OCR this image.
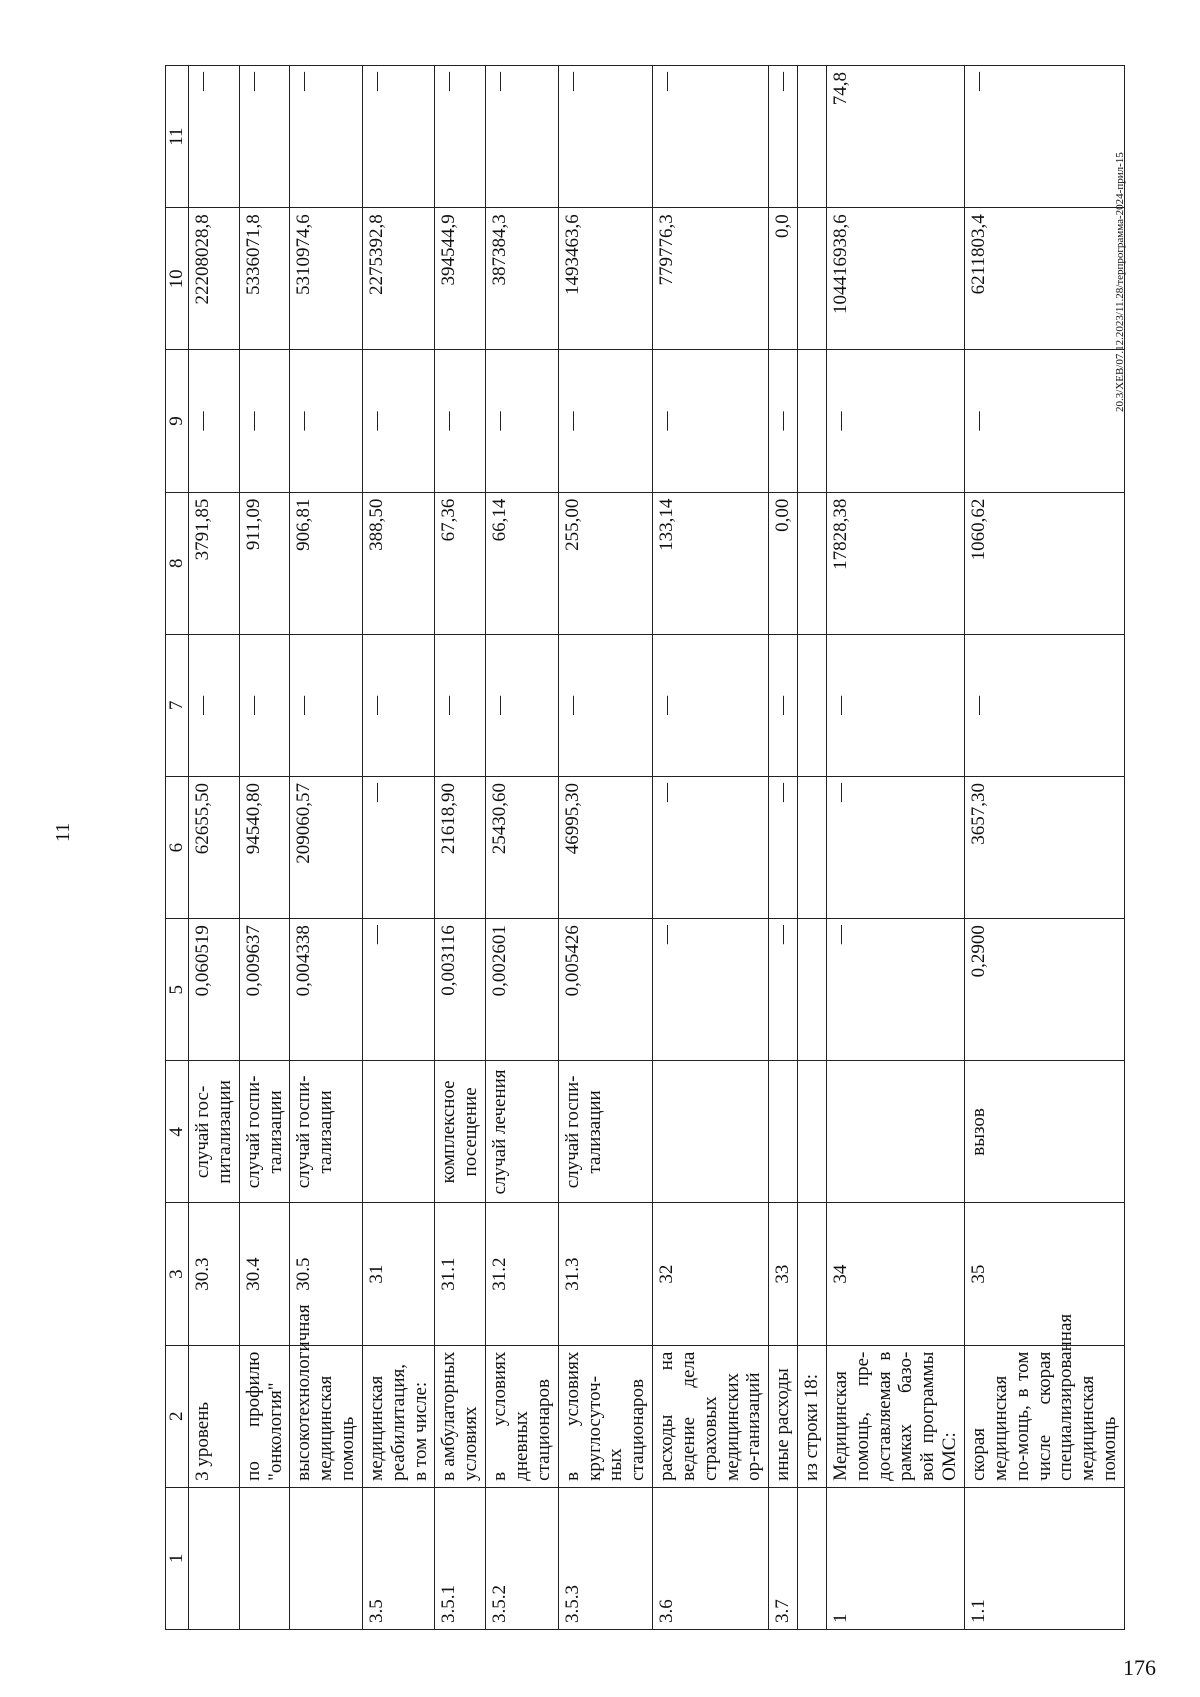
11
20.3/XEB/07.12.2023/11.28/терпрограмма-2024-прил-15
176
1	2	3	4	5	6	7	8	9	10	11
	3 уровень	30.3	случай гос-питализации	0,060519	62655,50	—	3791,85	—	22208028,8	—
	по профилю "онкология"	30.4	случай госпи-тализации	0,009637	94540,80	—	911,09	—	5336071,8	—
	высокотехнологичная медицинская помощь	30.5	случай госпи-тализации	0,004338	209060,57	—	906,81	—	5310974,6	—
3.5	медицинская реабилитация, в том числе:	31		—	—	—	388,50	—	2275392,8	—
3.5.1	в амбулаторных условиях	31.1	комплексное посещение	0,003116	21618,90	—	67,36	—	394544,9	—
3.5.2	в условиях дневных стационаров	31.2	случай лечения	0,002601	25430,60	—	66,14	—	387384,3	—
3.5.3	в условиях круглосуточ-ных стационаров	31.3	случай госпи-тализации	0,005426	46995,30	—	255,00	—	1493463,6	—
3.6	расходы на ведение дела страховых медицинских ор-ганизаций	32		—	—	—	133,14	—	779776,3	—
3.7	иные расходы	33		—	—	—	0,00	—	0,0	—
	из строки 18:									
1	Медицинская помощь, пре-доставляемая в рамках базо-вой программы ОМС:	34		—	—	—	17828,38	—	104416938,6	74,8
1.1	скорая медицинская по-мощь, в том числе скорая специализированная медицинская помощь	35	вызов	0,2900	3657,30	—	1060,62	—	6211803,4	—
